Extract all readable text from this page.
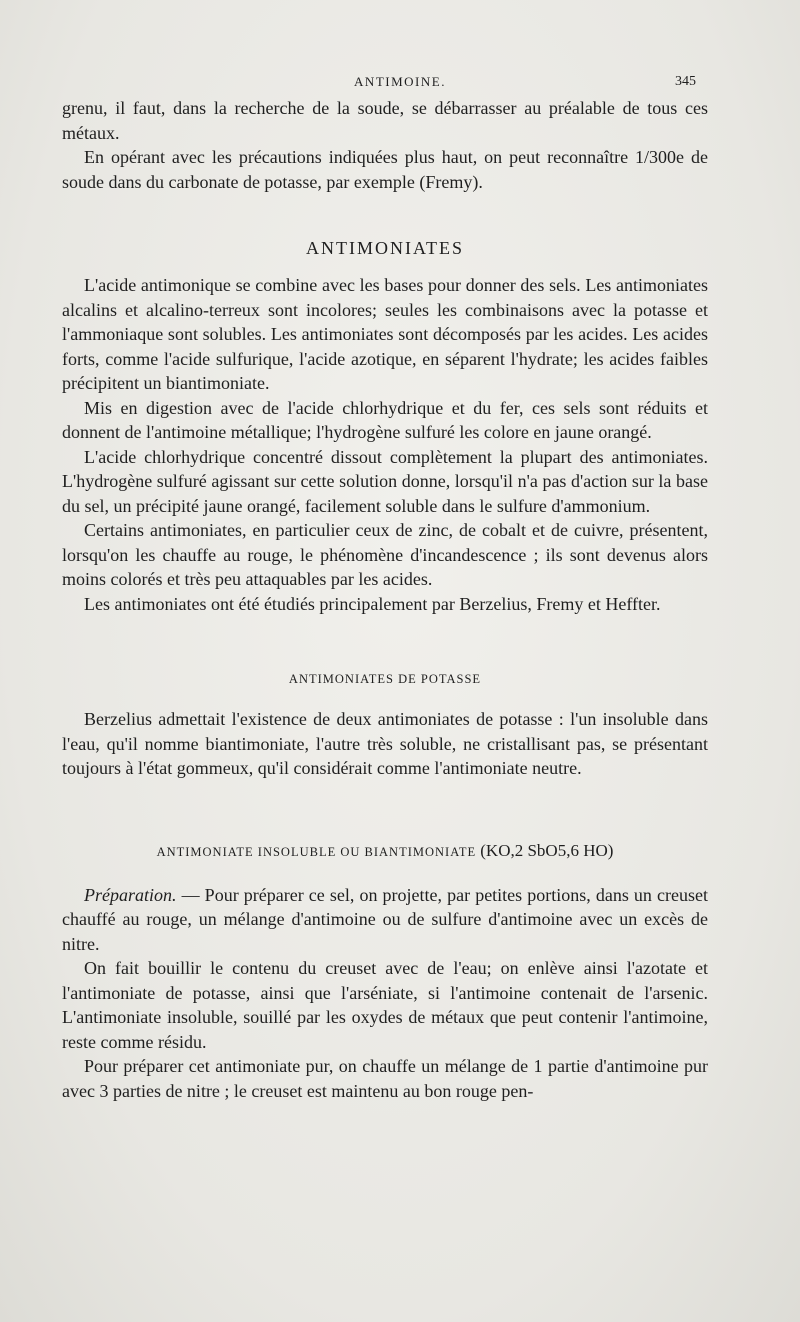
ANTIMOINE.	345

grenu, il faut, dans la recherche de la soude, se débarrasser au préalable de tous ces métaux.

En opérant avec les précautions indiquées plus haut, on peut reconnaître 1/300e de soude dans du carbonate de potasse, par exemple (Fremy).

ANTIMONIATES

L'acide antimonique se combine avec les bases pour donner des sels. Les antimoniates alcalins et alcalino-terreux sont incolores; seules les combinaisons avec la potasse et l'ammoniaque sont solubles. Les antimoniates sont décomposés par les acides. Les acides forts, comme l'acide sulfurique, l'acide azotique, en séparent l'hydrate; les acides faibles précipitent un biantimoniate.

Mis en digestion avec de l'acide chlorhydrique et du fer, ces sels sont réduits et donnent de l'antimoine métallique; l'hydrogène sulfuré les colore en jaune orangé.

L'acide chlorhydrique concentré dissout complètement la plupart des antimoniates. L'hydrogène sulfuré agissant sur cette solution donne, lorsqu'il n'a pas d'action sur la base du sel, un précipité jaune orangé, facilement soluble dans le sulfure d'ammonium.

Certains antimoniates, en particulier ceux de zinc, de cobalt et de cuivre, présentent, lorsqu'on les chauffe au rouge, le phénomène d'incandescence ; ils sont devenus alors moins colorés et très peu attaquables par les acides.

Les antimoniates ont été étudiés principalement par Berzelius, Fremy et Heffter.

ANTIMONIATES DE POTASSE

Berzelius admettait l'existence de deux antimoniates de potasse : l'un insoluble dans l'eau, qu'il nomme biantimoniate, l'autre très soluble, ne cristallisant pas, se présentant toujours à l'état gommeux, qu'il considérait comme l'antimoniate neutre.

ANTIMONIATE INSOLUBLE OU BIANTIMONIATE (KO,2 SbO5,6 HO)

Préparation. — Pour préparer ce sel, on projette, par petites portions, dans un creuset chauffé au rouge, un mélange d'antimoine ou de sulfure d'antimoine avec un excès de nitre.

On fait bouillir le contenu du creuset avec de l'eau; on enlève ainsi l'azotate et l'antimoniate de potasse, ainsi que l'arséniate, si l'antimoine contenait de l'arsenic. L'antimoniate insoluble, souillé par les oxydes de métaux que peut contenir l'antimoine, reste comme résidu.

Pour préparer cet antimoniate pur, on chauffe un mélange de 1 partie d'antimoine pur avec 3 parties de nitre ; le creuset est maintenu au bon rouge pen-
